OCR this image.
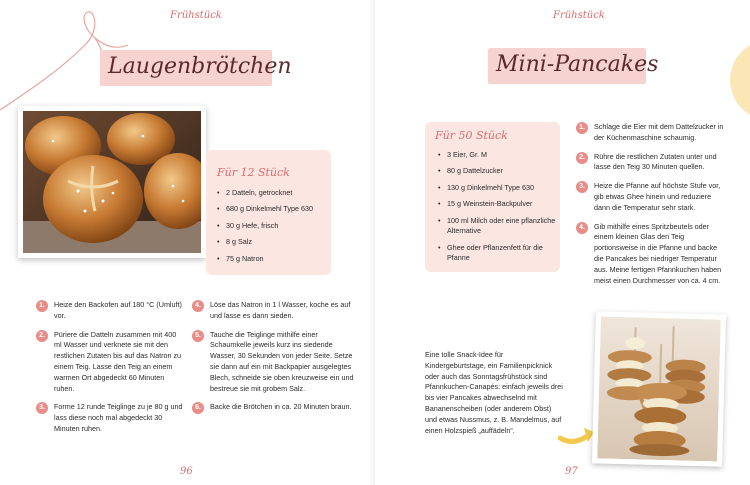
Frühstück
Laugenbrötchen
Für 12 Stück
• 2 Datteln, getrocknet
• 680 g Dinkelmehl Type 630
• 30 g Hefe, frisch
• 8 g Salz
• 75 g Natron
1.	Heize den Backofen auf 180 °C (Umluft) vor.
2.	Püriere die Datteln zusammen mit 400 ml Wasser und verknete sie mit den restlichen Zutaten bis auf das Natron zu einem Teig. Lasse den Teig an einem warmen Ort abgedeckt 60 Minuten ruhen.
3.	Forme 12 runde Teiglinge zu je 80 g und lass diese noch mal abgedeckt 30 Minuten ruhen.
4.	Löse das Natron in 1 l Wasser, koche es auf und lasse es dann sieden.
5.	Tauche die Teiglinge mithilfe einer Schaumkelle jeweils kurz ins siedende Wasser, 30 Sekunden von jeder Seite. Setze sie dann auf ein mit Backpapier ausgelegtes Blech, schneide sie oben kreuzweise ein und bestreue sie mit grobem Salz.
6.	Backe die Brötchen in ca. 20 Minuten braun.
96
Frühstück
Mini-Pancakes
Für 50 Stück
• 3 Eier, Gr. M
• 80 g Dattelzucker
• 130 g Dinkelmehl Type 630
• 15 g Weinstein-Backpulver
• 100 ml Milch oder eine pflanzliche Alternative
• Ghee oder Pflanzenfett für die Pfanne
1.	Schlage die Eier mit dem Dattelzucker in der Küchenmaschine schaumig.
2.	Rühre die restlichen Zutaten unter und lasse den Teig 30 Minuten quellen.
3.	Heize die Pfanne auf höchste Stufe vor, gib etwas Ghee hinein und reduziere dann die Temperatur sehr stark.
4.	Gib mithilfe eines Spritzbeutels oder einem kleinen Glas den Teig portionsweise in die Pfanne und backe die Pancakes bei niedriger Temperatur aus. Meine fertigen Pfannkuchen haben meist einen Durchmesser von ca. 4 cm.
Eine tolle Snack-Idee für Kindergeburtstage, ein Familienpicknick oder auch das Sonntagsfrühstück sind Pfannkuchen-Canapés: einfach jeweils drei bis vier Pancakes abwechselnd mit Bananenscheiben (oder anderem Obst) und etwas Nussmus, z. B. Mandelmus, auf einen Holzspieß „auffädeln“.
97
